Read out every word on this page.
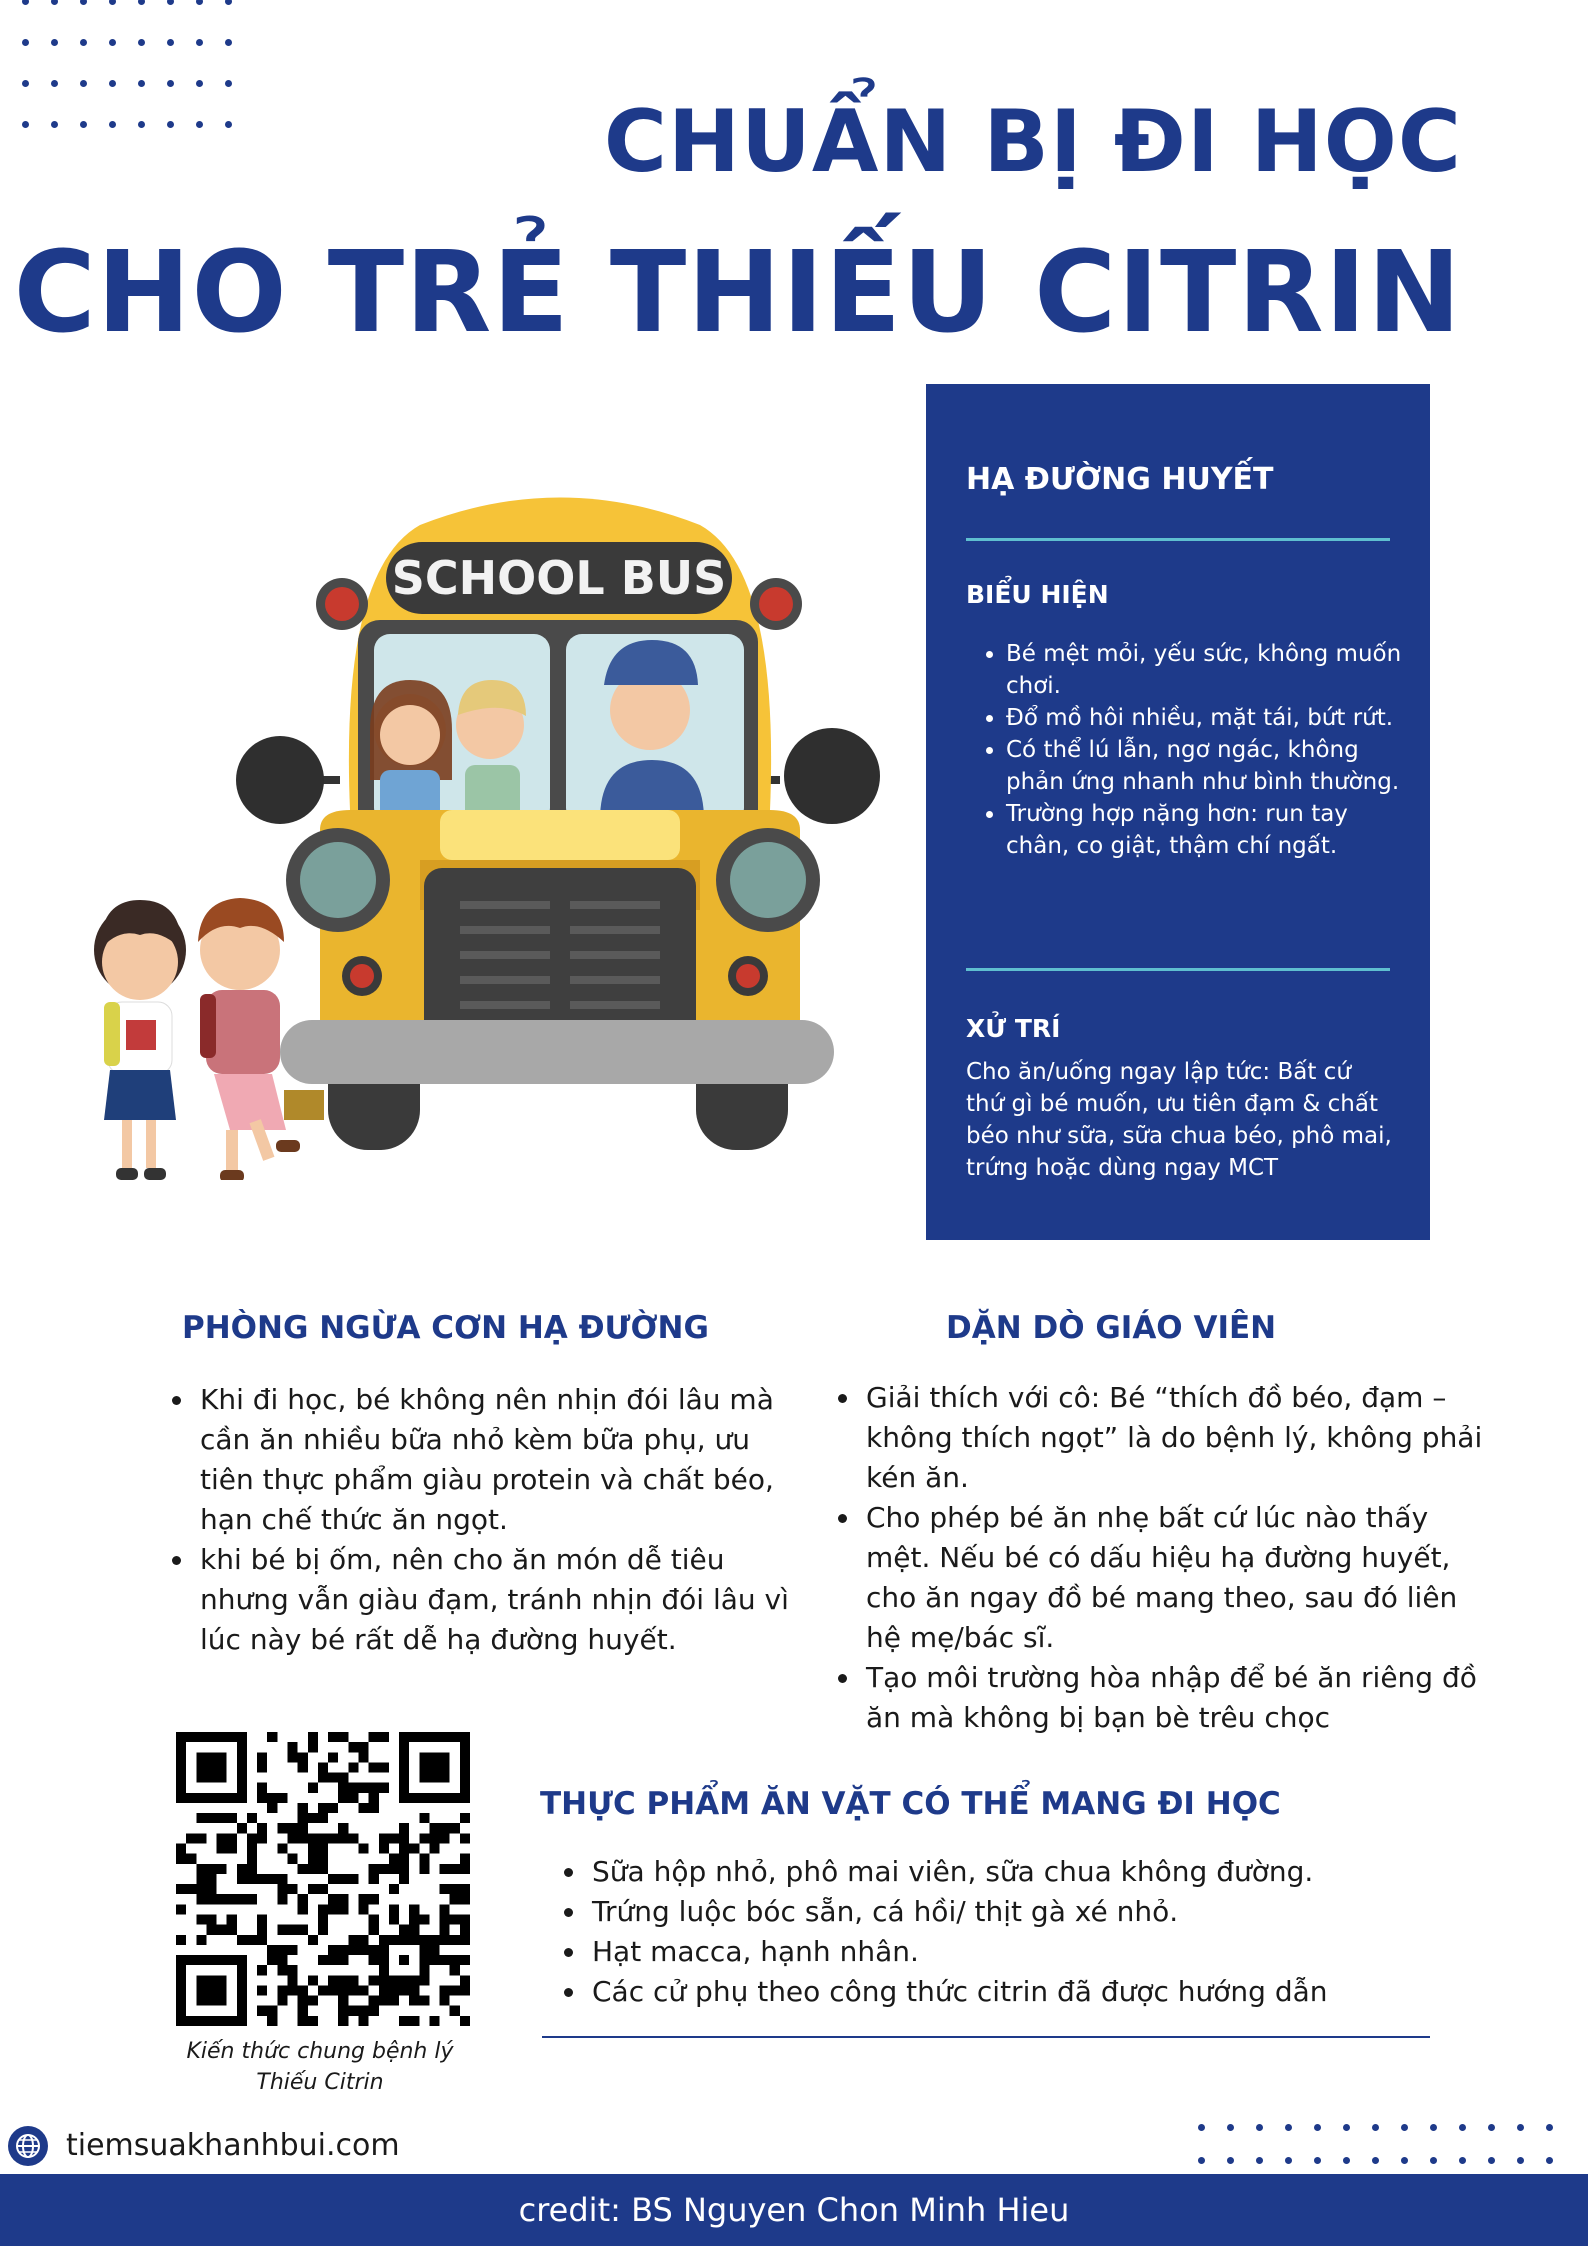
CHUẨN BỊ ĐI HỌC
CHO TRẺ THIẾU CITRIN
SCHOOL BUS
HẠ ĐƯỜNG HUYẾT
BIỂU HIỆN
• Bé mệt mỏi, yếu sức, không muốn chơi.
• Đổ mồ hôi nhiều, mặt tái, bứt rứt.
• Có thể lú lẫn, ngơ ngác, không phản ứng nhanh như bình thường.
• Trường hợp nặng hơn: run tay chân, co giật, thậm chí ngất.
XỬ TRÍ
Cho ăn/uống ngay lập tức: Bất cứ thứ gì bé muốn, ưu tiên đạm & chất béo như sữa, sữa chua béo, phô mai, trứng hoặc dùng ngay MCT
PHÒNG NGỪA CƠN HẠ ĐƯỜNG
• Khi đi học, bé không nên nhịn đói lâu mà cần ăn nhiều bữa nhỏ kèm bữa phụ, ưu tiên thực phẩm giàu protein và chất béo, hạn chế thức ăn ngọt.
• khi bé bị ốm, nên cho ăn món dễ tiêu nhưng vẫn giàu đạm, tránh nhịn đói lâu vì lúc này bé rất dễ hạ đường huyết.
DẶN DÒ GIÁO VIÊN
• Giải thích với cô: Bé “thích đồ béo, đạm – không thích ngọt” là do bệnh lý, không phải kén ăn.
• Cho phép bé ăn nhẹ bất cứ lúc nào thấy mệt. Nếu bé có dấu hiệu hạ đường huyết, cho ăn ngay đồ bé mang theo, sau đó liên hệ mẹ/bác sĩ.
• Tạo môi trường hòa nhập để bé ăn riêng đồ ăn mà không bị bạn bè trêu chọc
Kiến thức chung bệnh lý
Thiếu Citrin
THỰC PHẨM ĂN VẶT CÓ THỂ MANG ĐI HỌC
• Sữa hộp nhỏ, phô mai viên, sữa chua không đường.
• Trứng luộc bóc sẵn, cá hồi/ thịt gà xé nhỏ.
• Hạt macca, hạnh nhân.
• Các cử phụ theo công thức citrin đã được hướng dẫn
tiemsuakhanhbui.com
credit: BS Nguyen Chon Minh Hieu
